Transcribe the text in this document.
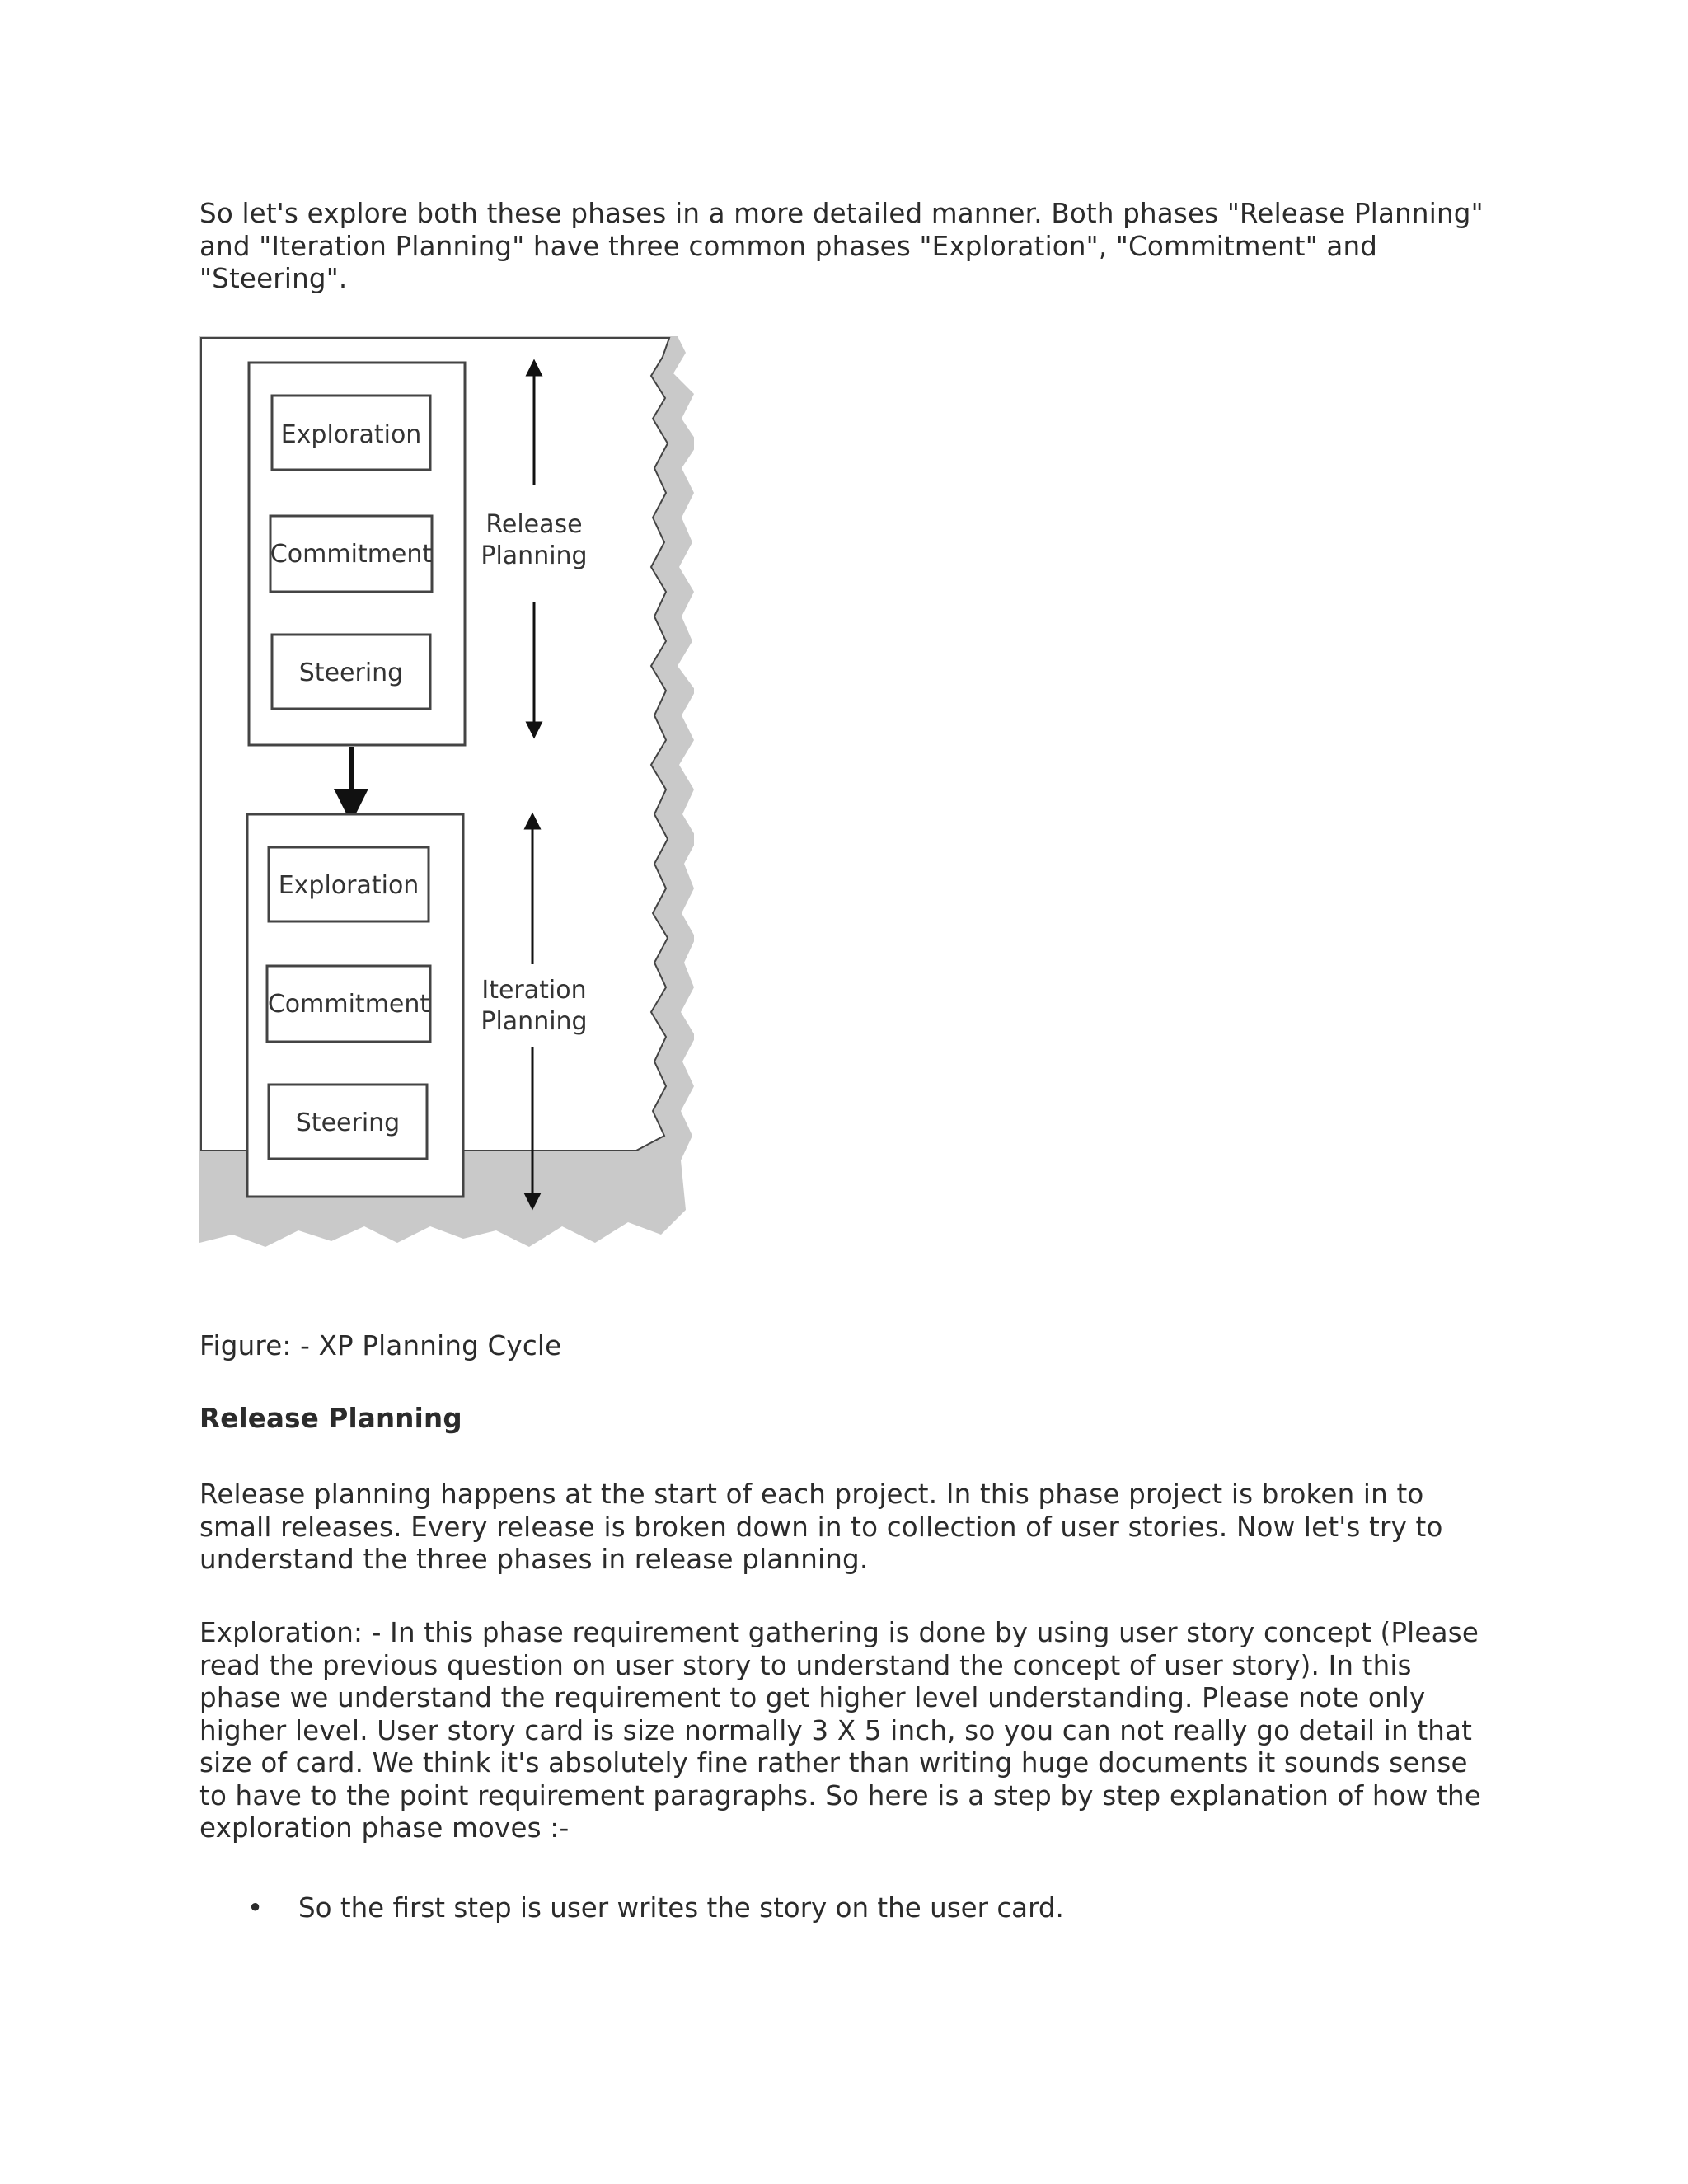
So let's explore both these phases in a more detailed manner. Both phases "Release Planning" and "Iteration Planning" have three common phases "Exploration", "Commitment" and "Steering".

Figure: - XP Planning Cycle

Release Planning

Release planning happens at the start of each project. In this phase project is broken in to small releases. Every release is broken down in to collection of user stories. Now let's try to understand the three phases in release planning.

Exploration: - In this phase requirement gathering is done by using user story concept (Please read the previous question on user story to understand the concept of user story). In this phase we understand the requirement to get higher level understanding. Please note only higher level. User story card is size normally 3 X 5 inch, so you can not really go detail in that size of card. We think it's absolutely fine rather than writing huge documents it sounds sense to have to the point requirement paragraphs. So here is a step by step explanation of how the exploration phase moves :-

• So the first step is user writes the story on the user card.
Exploration
Commitment
Steering
Release
Planning
Exploration
Commitment
Steering
Iteration
Planning
